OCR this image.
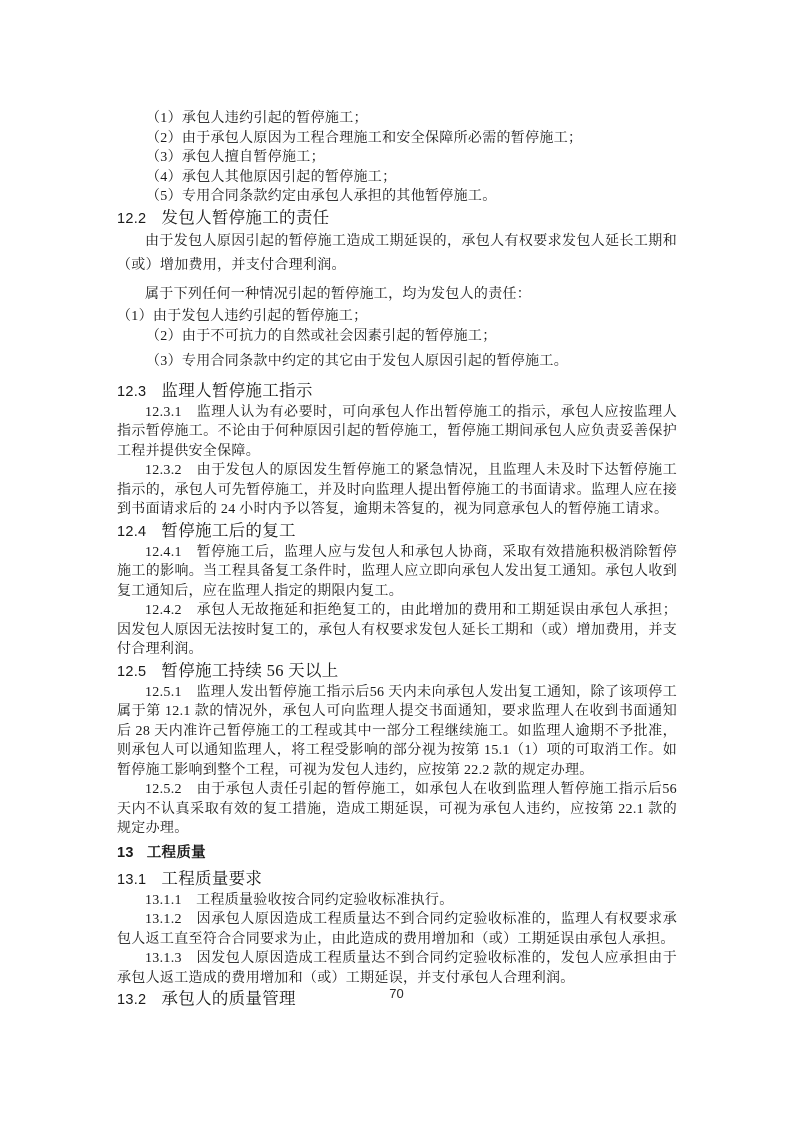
（1）承包人违约引起的暂停施工；
（2）由于承包人原因为工程合理施工和安全保障所必需的暂停施工；
（3）承包人擅自暂停施工；
（4）承包人其他原因引起的暂停施工；
（5）专用合同条款约定由承包人承担的其他暂停施工。
12.2 发包人暂停施工的责任
由于发包人原因引起的暂停施工造成工期延误的，承包人有权要求发包人延长工期和（或）增加费用，并支付合理利润。
属于下列任何一种情况引起的暂停施工，均为发包人的责任：
（1）由于发包人违约引起的暂停施工；
（2）由于不可抗力的自然或社会因素引起的暂停施工；
（3）专用合同条款中约定的其它由于发包人原因引起的暂停施工。
12.3 监理人暂停施工指示
12.3.1　监理人认为有必要时，可向承包人作出暂停施工的指示，承包人应按监理人指示暂停施工。不论由于何种原因引起的暂停施工，暂停施工期间承包人应负责妥善保护工程并提供安全保障。
12.3.2　由于发包人的原因发生暂停施工的紧急情况，且监理人未及时下达暂停施工指示的，承包人可先暂停施工，并及时向监理人提出暂停施工的书面请求。监理人应在接到书面请求后的 24 小时内予以答复，逾期未答复的，视为同意承包人的暂停施工请求。
12.4 暂停施工后的复工
12.4.1　暂停施工后，监理人应与发包人和承包人协商，采取有效措施积极消除暂停施工的影响。当工程具备复工条件时，监理人应立即向承包人发出复工通知。承包人收到复工通知后，应在监理人指定的期限内复工。
12.4.2　承包人无故拖延和拒绝复工的，由此增加的费用和工期延误由承包人承担；因发包人原因无法按时复工的，承包人有权要求发包人延长工期和（或）增加费用，并支付合理利润。
12.5 暂停施工持续 56 天以上
12.5.1　监理人发出暂停施工指示后56 天内未向承包人发出复工通知，除了该项停工属于第 12.1 款的情况外，承包人可向监理人提交书面通知，要求监理人在收到书面通知后 28 天内准许己暂停施工的工程或其中一部分工程继续施工。如监理人逾期不予批准，则承包人可以通知监理人，将工程受影响的部分视为按第 15.1（1）项的可取消工作。如暂停施工影响到整个工程，可视为发包人违约，应按第 22.2 款的规定办理。
12.5.2　由于承包人责任引起的暂停施工，如承包人在收到监理人暂停施工指示后56 天内不认真采取有效的复工措施，造成工期延误，可视为承包人违约，应按第 22.1 款的规定办理。
13 工程质量
13.1 工程质量要求
13.1.1　工程质量验收按合同约定验收标准执行。
13.1.2　因承包人原因造成工程质量达不到合同约定验收标准的，监理人有权要求承包人返工直至符合合同要求为止，由此造成的费用增加和（或）工期延误由承包人承担。
13.1.3　因发包人原因造成工程质量达不到合同约定验收标准的，发包人应承担由于承包人返工造成的费用增加和（或）工期延误，并支付承包人合理利润。
13.2 承包人的质量管理	70
